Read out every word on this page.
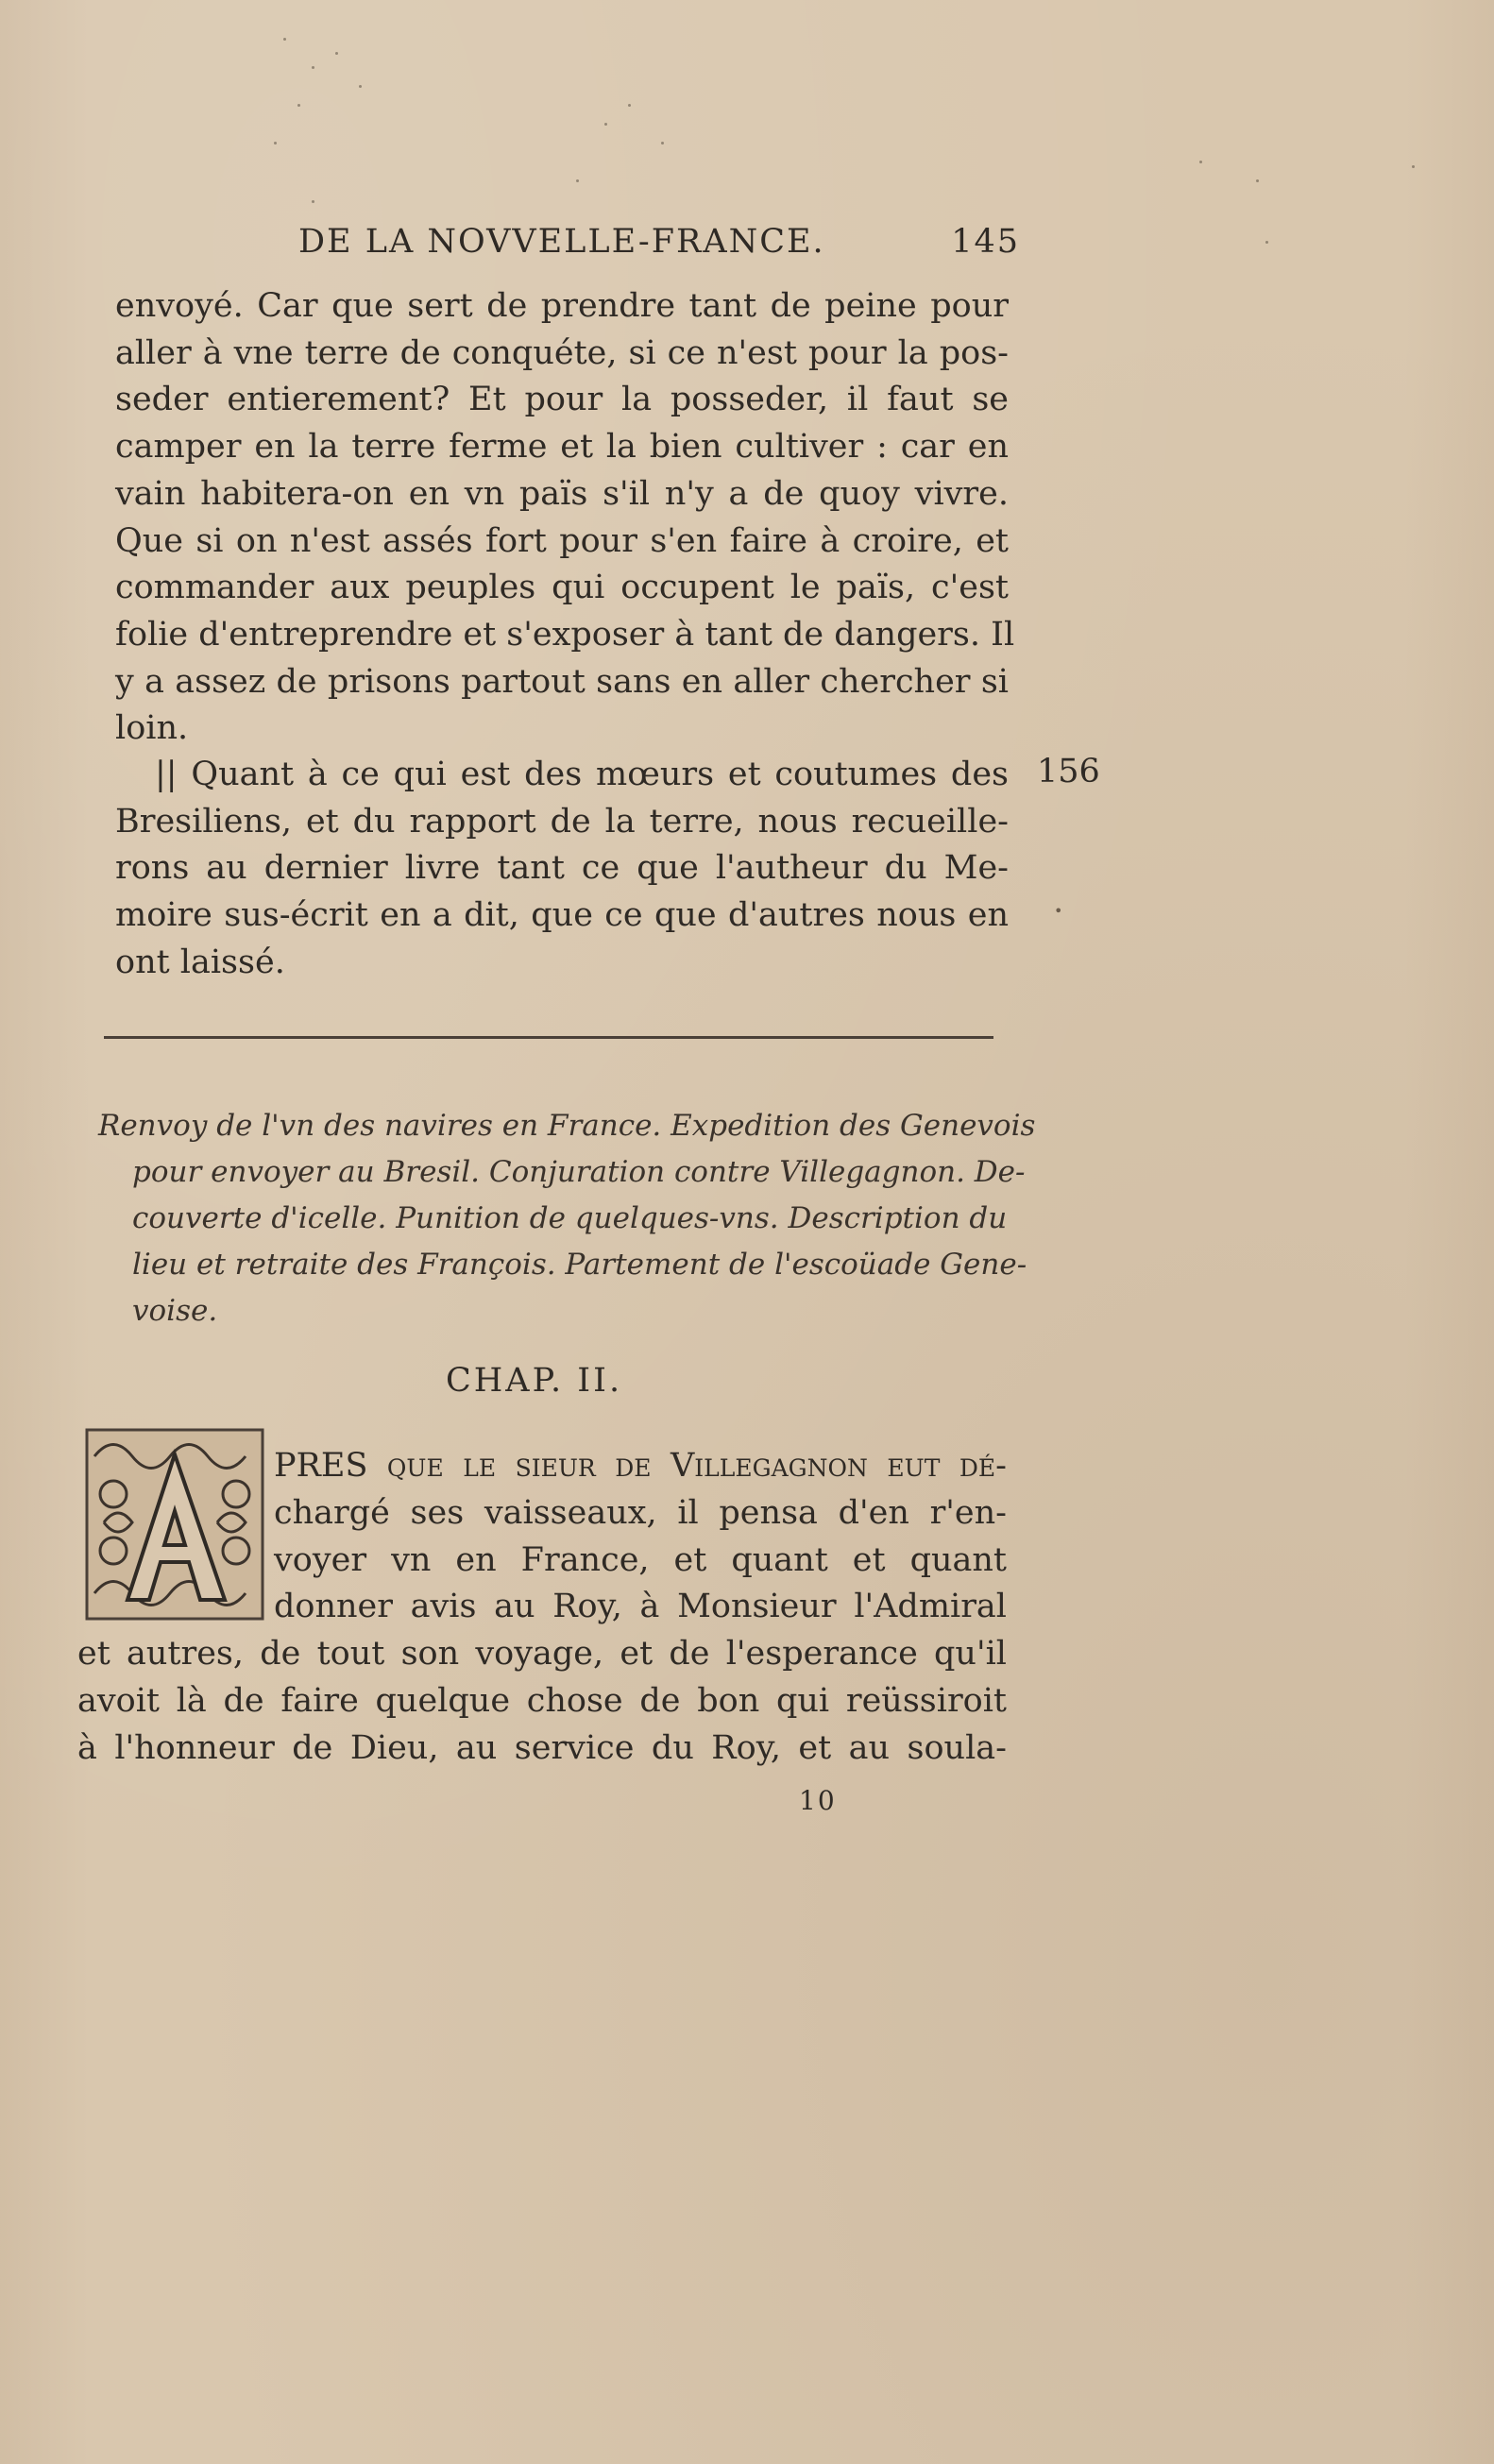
DE LA NOVVELLE-FRANCE.	145
envoyé. Car que sert de prendre tant de peine pour
aller à vne terre de conquéte, si ce n'est pour la pos-
seder entierement? Et pour la posseder, il faut se
camper en la terre ferme et la bien cultiver : car en
vain habitera-on en vn païs s'il n'y a de quoy vivre.
Que si on n'est assés fort pour s'en faire à croire, et
commander aux peuples qui occupent le païs, c'est
folie d'entreprendre et s'exposer à tant de dangers. Il
y a assez de prisons partout sans en aller chercher si
loin.
|| Quant à ce qui est des mœurs et coutumes des
Bresiliens, et du rapport de la terre, nous recueille-
rons au dernier livre tant ce que l'autheur du Me-
moire sus-écrit en a dit, que ce que d'autres nous en
ont laissé.
156
•
Renvoy de l'vn des navires en France. Expedition des Genevois
pour envoyer au Bresil. Conjuration contre Villegagnon. De-
couverte d'icelle. Punition de quelques-vns. Description du
lieu et retraite des François. Partement de l'escoüade Gene-
voise.
CHAP. II.
PRES que le sieur de Villegagnon eut dé-
chargé ses vaisseaux, il pensa d'en r'en-
voyer vn en France, et quant et quant
donner avis au Roy, à Monsieur l'Admiral
et autres, de tout son voyage, et de l'esperance qu'il
avoit là de faire quelque chose de bon qui reüssiroit
à l'honneur de Dieu, au service du Roy, et au soula-
10
